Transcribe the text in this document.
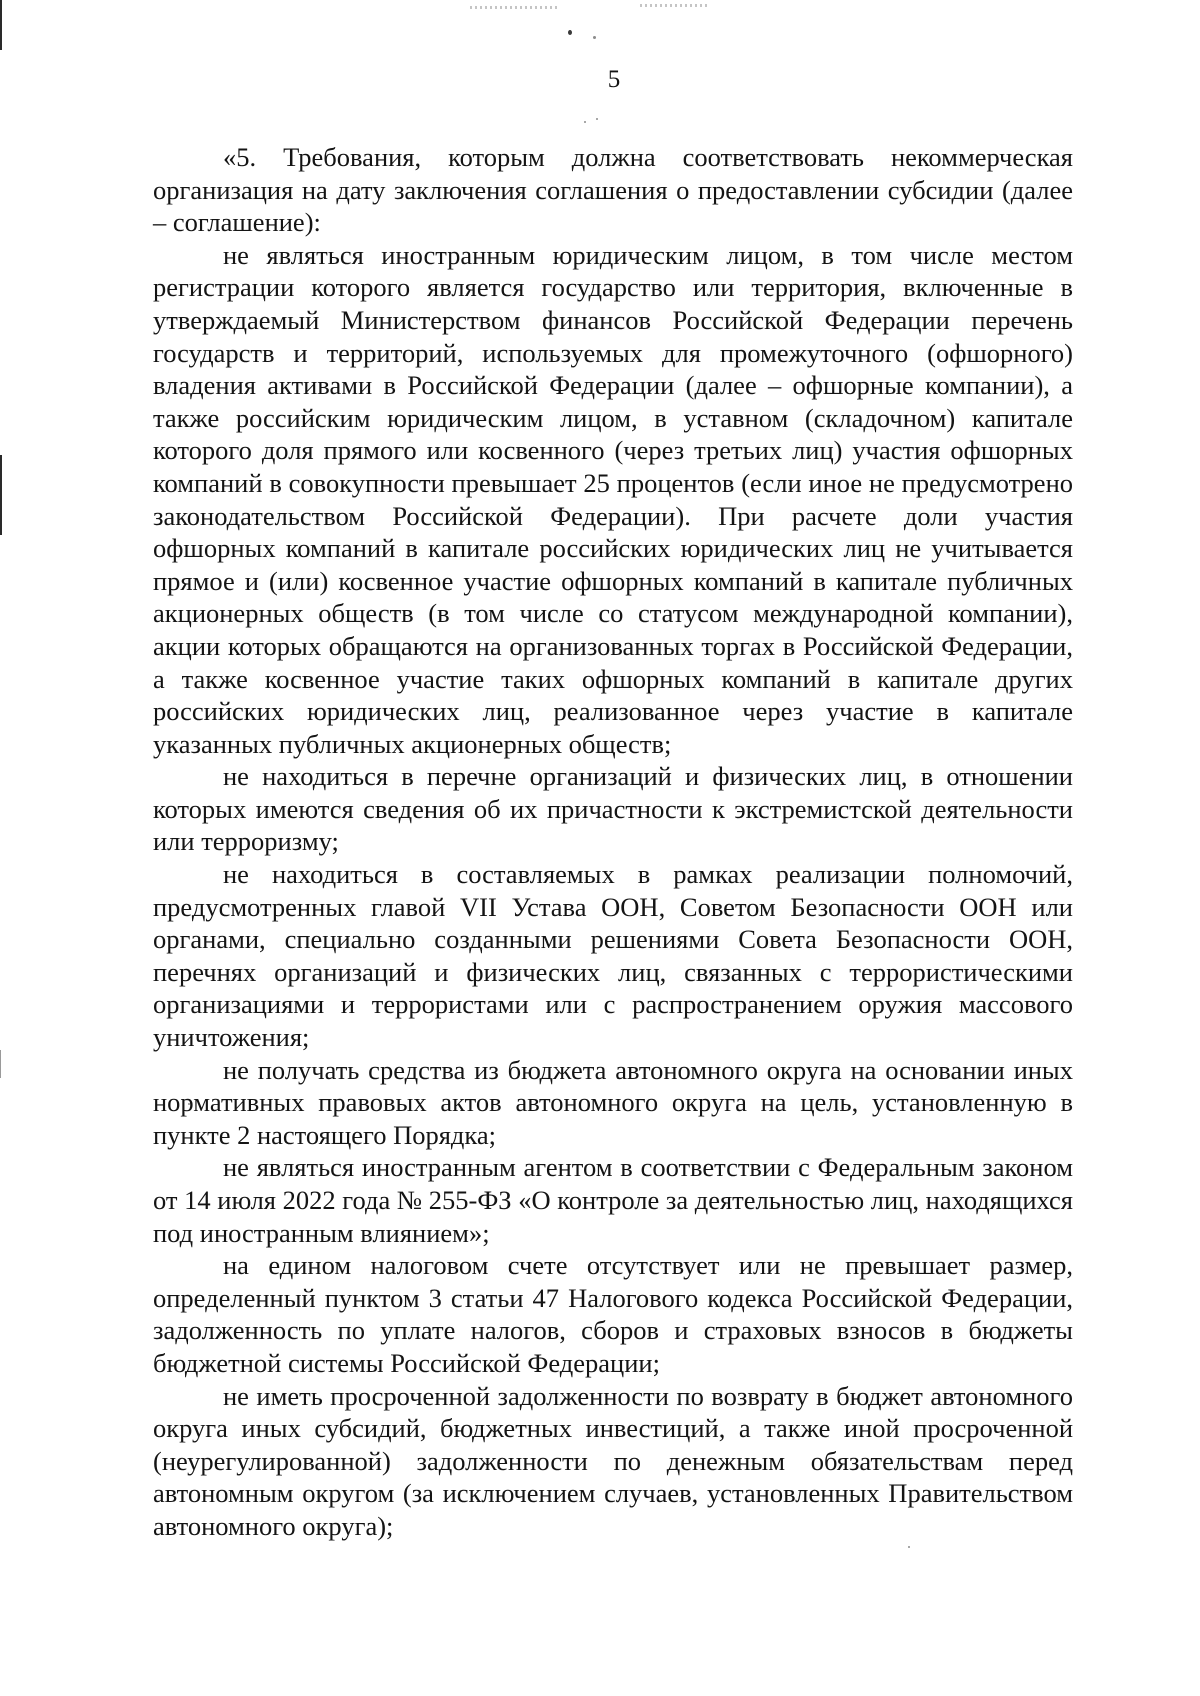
5

«5. Требования, которым должна соответствовать некоммерческая организация на дату заключения соглашения о предоставлении субсидии (далее – соглашение):

не являться иностранным юридическим лицом, в том числе местом регистрации которого является государство или территория, включенные в утверждаемый Министерством финансов Российской Федерации перечень государств и территорий, используемых для промежуточного (офшорного) владения активами в Российской Федерации (далее – офшорные компании), а также российским юридическим лицом, в уставном (складочном) капитале которого доля прямого или косвенного (через третьих лиц) участия офшорных компаний в совокупности превышает 25 процентов (если иное не предусмотрено законодательством Российской Федерации). При расчете доли участия офшорных компаний в капитале российских юридических лиц не учитывается прямое и (или) косвенное участие офшорных компаний в капитале публичных акционерных обществ (в том числе со статусом международной компании), акции которых обращаются на организованных торгах в Российской Федерации, а также косвенное участие таких офшорных компаний в капитале других российских юридических лиц, реализованное через участие в капитале указанных публичных акционерных обществ;

не находиться в перечне организаций и физических лиц, в отношении которых имеются сведения об их причастности к экстремистской деятельности или терроризму;

не находиться в составляемых в рамках реализации полномочий, предусмотренных главой VII Устава ООН, Советом Безопасности ООН или органами, специально созданными решениями Совета Безопасности ООН, перечнях организаций и физических лиц, связанных с террористическими организациями и террористами или с распространением оружия массового уничтожения;

не получать средства из бюджета автономного округа на основании иных нормативных правовых актов автономного округа на цель, установленную в пункте 2 настоящего Порядка;

не являться иностранным агентом в соответствии с Федеральным законом от 14 июля 2022 года № 255-ФЗ «О контроле за деятельностью лиц, находящихся под иностранным влиянием»;

на едином налоговом счете отсутствует или не превышает размер, определенный пунктом 3 статьи 47 Налогового кодекса Российской Федерации, задолженность по уплате налогов, сборов и страховых взносов в бюджеты бюджетной системы Российской Федерации;

не иметь просроченной задолженности по возврату в бюджет автономного округа иных субсидий, бюджетных инвестиций, а также иной просроченной (неурегулированной) задолженности по денежным обязательствам перед автономным округом (за исключением случаев, установленных Правительством автономного округа);
